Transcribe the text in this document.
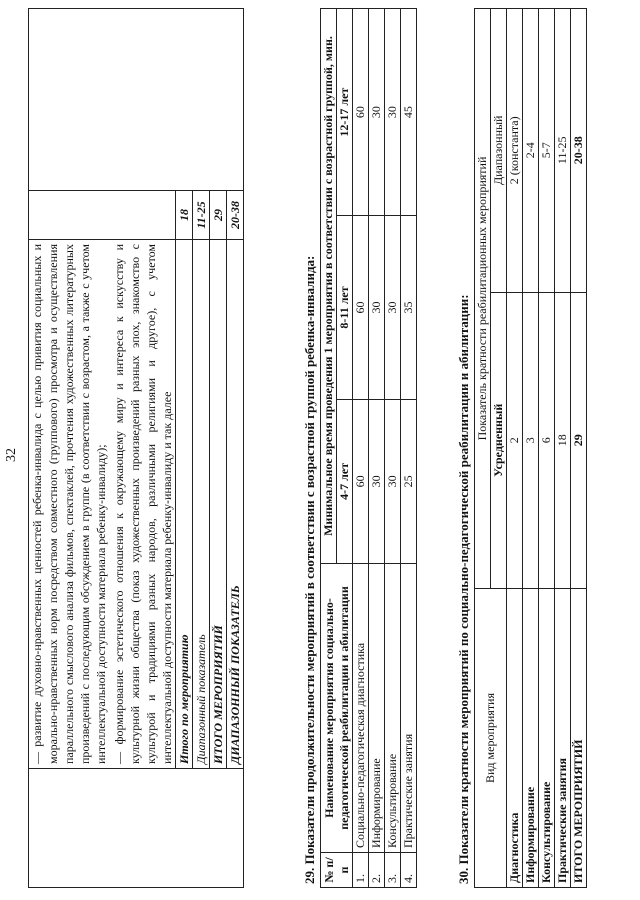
32

	— развитие духовно-нравственных ценностей ребенка-инвалида с целью привития социальных и морально-нравственных норм посредством совместного (группового) просмотра и осуществления параллельного смыслового анализа фильмов, спектаклей, прочтения художественных литературных произведений с последующим обсуждением в группе (в соответствии с возрастом, а также с учетом интеллектуальной доступности материала ребенку-инвалиду); — формирование эстетического отношения к окружающему миру и интереса к искусству и культурной жизни общества (показ художественных произведений разных эпох, знакомство с культурой и традициями разных народов, различными религиями и другое), с учетом интеллектуальной доступности материала ребенку-инвалиду и так далее		

	Итого по мероприятию	18	
	Диапазонный показатель	11-25	
	ИТОГО МЕРОПРИЯТИЙ	29	
	ДИАПАЗОННЫЙ ПОКАЗАТЕЛЬ	20-38	
29. Показатели продолжительности мероприятий в соответствии с возрастной группой ребенка-инвалида: № п/п	Наименование мероприятия социально-педагогической реабилитации и абилитации	Минимальное время проведения 1 мероприятия в соответствии с возрастной группой, мин.		
		4-7 лет	8-11 лет	12-17 лет
1.	Социально-педагогическая диагностика	60	60	60
2.	Информирование	30	30	30
3.	Консультирование	30	30	30
4.	Практические занятия	25	35	45
30. Показатели кратности мероприятий по социально-педагогической реабилитации и абилитации: Вид мероприятия	Показатель кратности реабилитационных мероприятий	
	Усредненный	Диапазонный
Диагностика	2	2 (константа)
Информирование	3	2-4
Консультирование	6	5-7
Практические занятия	18	11-25
ИТОГО МЕРОПРИЯТИЙ	29	20-38
